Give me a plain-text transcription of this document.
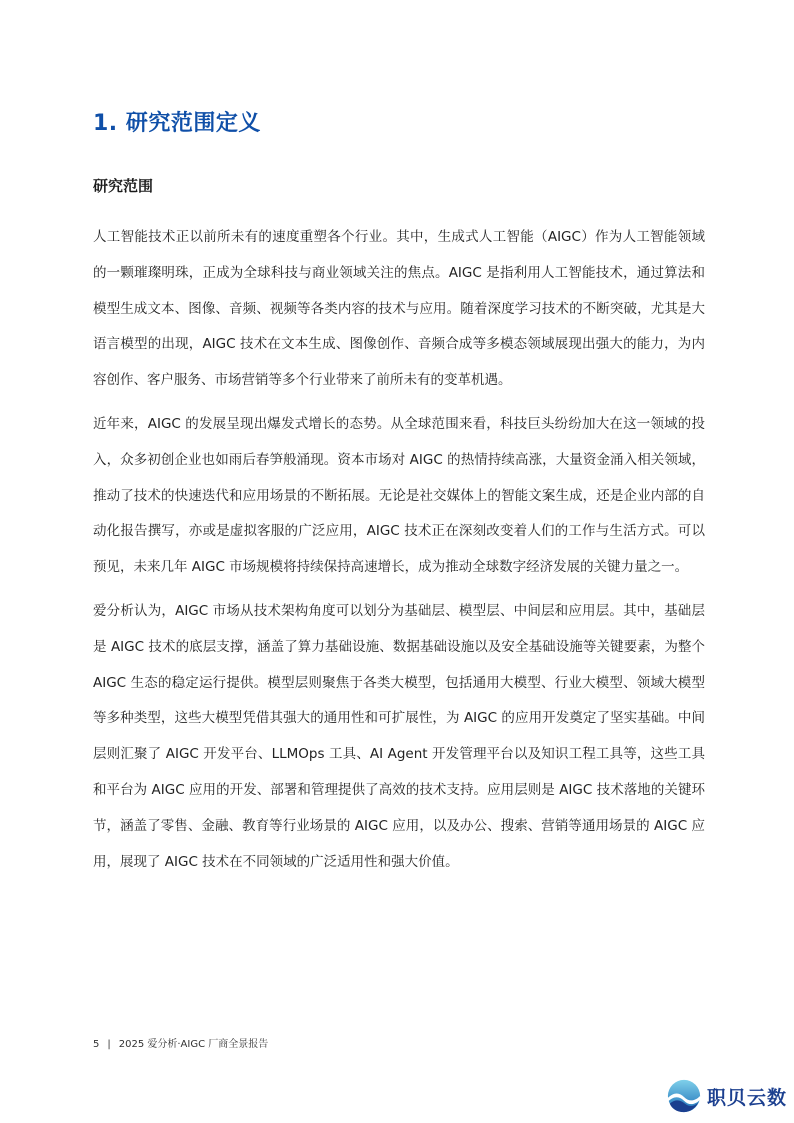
1. 研究范围定义
研究范围

人工智能技术正以前所未有的速度重塑各个行业。其中，生成式人工智能（AIGC）作为人工智能领域的一颗璀璨明珠，正成为全球科技与商业领域关注的焦点。AIGC 是指利用人工智能技术，通过算法和模型生成文本、图像、音频、视频等各类内容的技术与应用。随着深度学习技术的不断突破，尤其是大语言模型的出现，AIGC 技术在文本生成、图像创作、音频合成等多模态领域展现出强大的能力，为内容创作、客户服务、市场营销等多个行业带来了前所未有的变革机遇。

近年来，AIGC 的发展呈现出爆发式增长的态势。从全球范围来看，科技巨头纷纷加大在这一领域的投入，众多初创企业也如雨后春笋般涌现。资本市场对 AIGC 的热情持续高涨，大量资金涌入相关领域，推动了技术的快速迭代和应用场景的不断拓展。无论是社交媒体上的智能文案生成，还是企业内部的自动化报告撰写，亦或是虚拟客服的广泛应用，AIGC 技术正在深刻改变着人们的工作与生活方式。可以预见，未来几年 AIGC 市场规模将持续保持高速增长，成为推动全球数字经济发展的关键力量之一。

爱分析认为，AIGC 市场从技术架构角度可以划分为基础层、模型层、中间层和应用层。其中，基础层是 AIGC 技术的底层支撑，涵盖了算力基础设施、数据基础设施以及安全基础设施等关键要素，为整个 AIGC 生态的稳定运行提供。模型层则聚焦于各类大模型，包括通用大模型、行业大模型、领域大模型等多种类型，这些大模型凭借其强大的通用性和可扩展性，为 AIGC 的应用开发奠定了坚实基础。中间层则汇聚了 AIGC 开发平台、LLMOps 工具、AI Agent 开发管理平台以及知识工程工具等，这些工具和平台为 AIGC 应用的开发、部署和管理提供了高效的技术支持。应用层则是 AIGC 技术落地的关键环节，涵盖了零售、金融、教育等行业场景的 AIGC 应用，以及办公、搜索、营销等通用场景的 AIGC 应用，展现了 AIGC 技术在不同领域的广泛适用性和强大价值。

5 | 2025 爱分析·AIGC 厂商全景报告
职贝云数
